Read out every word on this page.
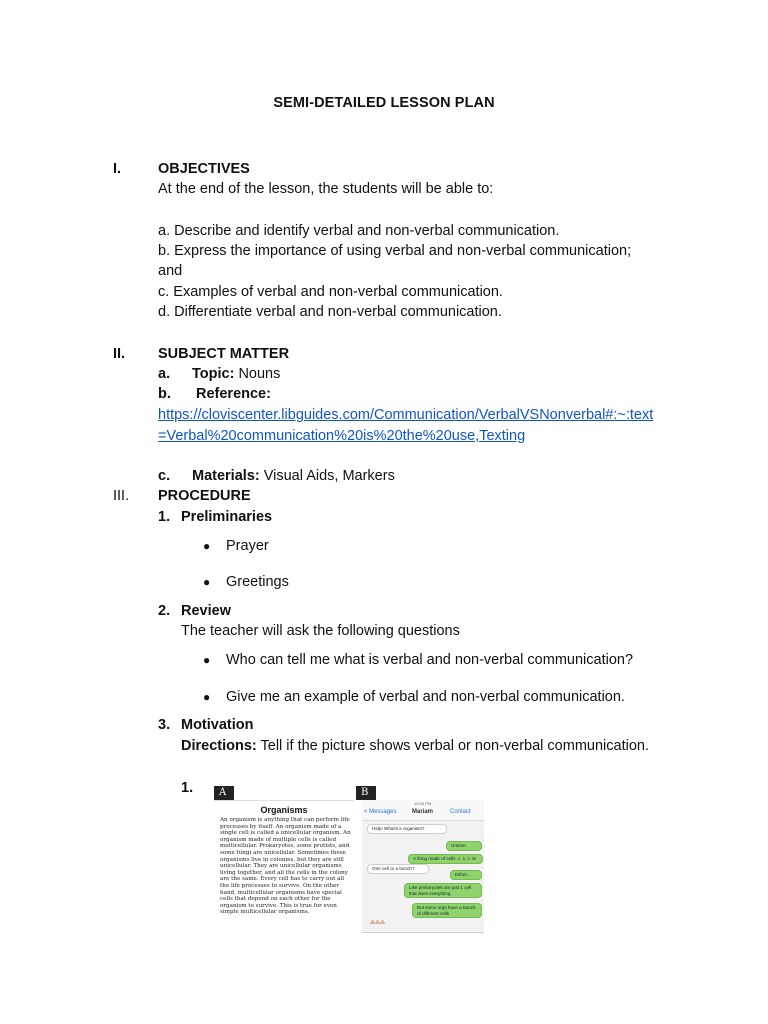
SEMI-DETAILED LESSON PLAN
I.	OBJECTIVES
At the end of the lesson, the students will be able to:
a. Describe and identify verbal and non-verbal communication.
b. Express the importance of using verbal and non-verbal communication;
and
c. Examples of verbal and non-verbal communication.
d. Differentiate verbal and non-verbal communication.
II. SUBJECT MATTER
a. Topic: Nouns
b. Reference:
https://cloviscenter.libguides.com/Communication/VerbalVSNonverbal#:~:text
=Verbal%20communication%20is%20the%20use,Texting
c. Materials: Visual Aids, Markers
III. PROCEDURE
1. Preliminaries
● Prayer
● Greetings
2. Review
The teacher will ask the following questions
● Who can tell me what is verbal and non-verbal communication?
● Give me an example of verbal and non-verbal communication.
3. Motivation
Directions: Tell if the picture shows verbal or non-verbal communication.
1.	A
Organisms
An organism is anything that can perform life processes by itself. An organism made of a single cell is called a unicellular organism. An organism made of multiple cells is called multicellular. Prokaryotes, some protists, and some fungi are unicellular. Sometimes these organisms live in colonies, but they are still unicellular. They are unicellular organisms living together, and all the cells in the colony are the same. Every cell has to carry out all the life processes to survive. On the other hand, multicellular organisms have special cells that depend on each other for the organism to survive. This is true for even simple multicellular organisms.
B
10:55 PM
< Messages	Mariam	Contact
Help! What's a organism?
Ummm
A thing made of cells ☺ 1 ☺ le
One cell or a bunch?
Either...
Like prokaryotes are just 1 cell that does everything
But some orgs have a bunch of different cells
⁂⁂⁂
